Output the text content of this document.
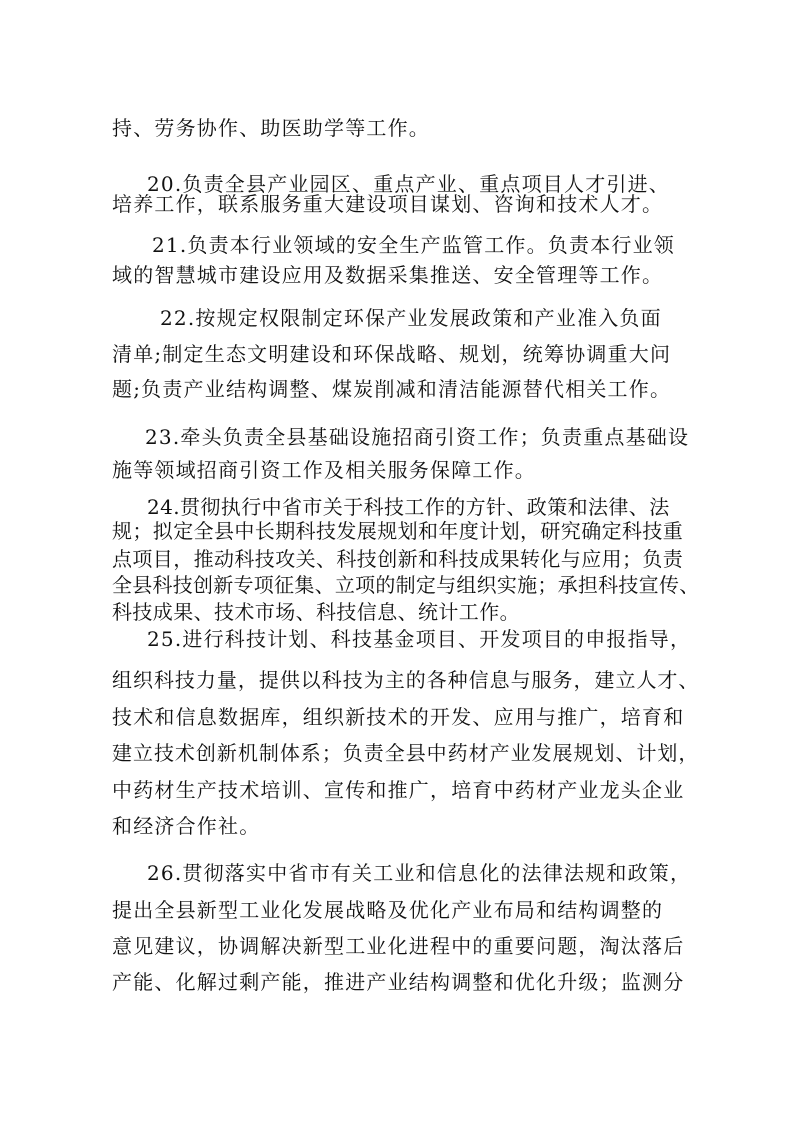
持、劳务协作、助医助学等工作。
20.负责全县产业园区、重点产业、重点项目人才引进、
培养工作，联系服务重大建设项目谋划、咨询和技术人才。
21.负责本行业领域的安全生产监管工作。负责本行业领
域的智慧城市建设应用及数据采集推送、安全管理等工作。
22.按规定权限制定环保产业发展政策和产业准入负面
清单;制定生态文明建设和环保战略、规划，统筹协调重大问
题;负责产业结构调整、煤炭削减和清洁能源替代相关工作。
23.牵头负责全县基础设施招商引资工作；负责重点基础设
施等领域招商引资工作及相关服务保障工作。
24.贯彻执行中省市关于科技工作的方针、政策和法律、法
规；拟定全县中长期科技发展规划和年度计划，研究确定科技重
点项目，推动科技攻关、科技创新和科技成果转化与应用；负责
全县科技创新专项征集、立项的制定与组织实施；承担科技宣传、
科技成果、技术市场、科技信息、统计工作。
25.进行科技计划、科技基金项目、开发项目的申报指导，
组织科技力量，提供以科技为主的各种信息与服务，建立人才、
技术和信息数据库，组织新技术的开发、应用与推广，培育和
建立技术创新机制体系；负责全县中药材产业发展规划、计划，
中药材生产技术培训、宣传和推广，培育中药材产业龙头企业
和经济合作社。
26.贯彻落实中省市有关工业和信息化的法律法规和政策，
提出全县新型工业化发展战略及优化产业布局和结构调整的
意见建议，协调解决新型工业化进程中的重要问题，淘汰落后
产能、化解过剩产能，推进产业结构调整和优化升级；监测分
